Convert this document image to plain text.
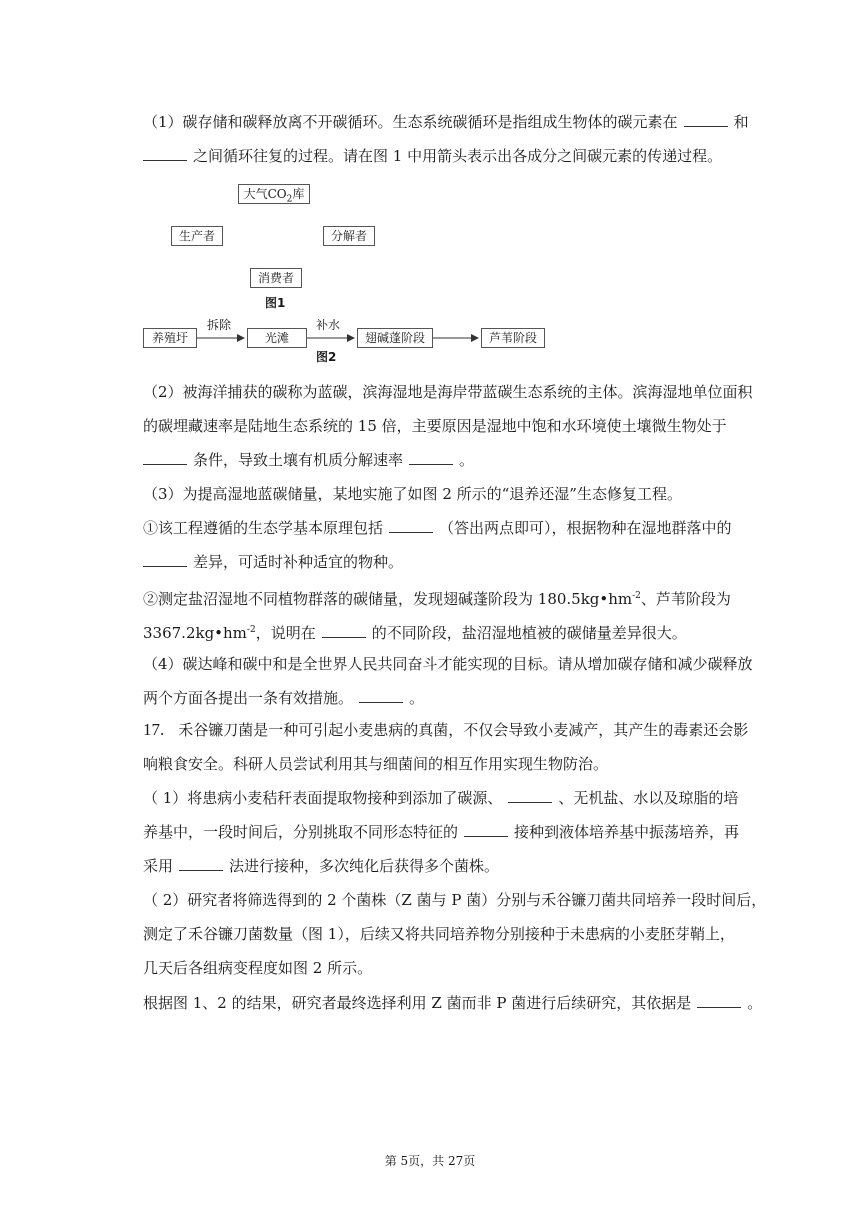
（1）碳存储和碳释放离不开碳循环。生态系统碳循环是指组成生物体的碳元素在	和
之间循环往复的过程。请在图 1 中用箭头表示出各成分之间碳元素的传递过程。
大气$CO_2$库
生产者	分解者
消费者
图1
养殖圩
拆除
光滩
补水
翅碱蓬阶段	芦苇阶段
图2
（2）被海洋捕获的碳称为蓝碳，滨海湿地是海岸带蓝碳生态系统的主体。滨海湿地单位面积
的碳埋藏速率是陆地生态系统的 15 倍，主要原因是湿地中饱和水环境使土壤微生物处于
条件，导致土壤有机质分解速率	。
（3）为提高湿地蓝碳储量，某地实施了如图 2 所示的“退养还湿”生态修复工程。
①该工程遵循的生态学基本原理包括	（答出两点即可），根据物种在湿地群落中的
差异，可适时补种适宜的物种。
②测定盐沼湿地不同植物群落的碳储量，发现翅碱蓬阶段为 $180.5kg•hm^{-2}$、芦苇阶段为
$3367.2kg•hm^{-2}$，说明在	的不同阶段，盐沼湿地植被的碳储量差异很大。
（4）碳达峰和碳中和是全世界人民共同奋斗才能实现的目标。请从增加碳存储和减少碳释放
两个方面各提出一条有效措施。	。
17. 禾谷镰刀菌是一种可引起小麦患病的真菌，不仅会导致小麦减产，其产生的毒素还会影
响粮食安全。科研人员尝试利用其与细菌间的相互作用实现生物防治。
（ 1）将患病小麦秸秆表面提取物接种到添加了碳源、	、无机盐、水以及琼脂的培
养基中，一段时间后，分别挑取不同形态特征的	接种到液体培养基中振荡培养，再
采用	法进行接种，多次纯化后获得多个菌株。
（ 2）研究者将筛选得到的 2 个菌株（Z 菌与 P 菌）分别与禾谷镰刀菌共同培养一段时间后，
测定了禾谷镰刀菌数量（图 1），后续又将共同培养物分别接种于未患病的小麦胚芽鞘上，
几天后各组病变程度如图 2 所示。
根据图 1、2 的结果，研究者最终选择利用 Z 菌而非 P 菌进行后续研究，其依据是	。
第 5页，共 27页
